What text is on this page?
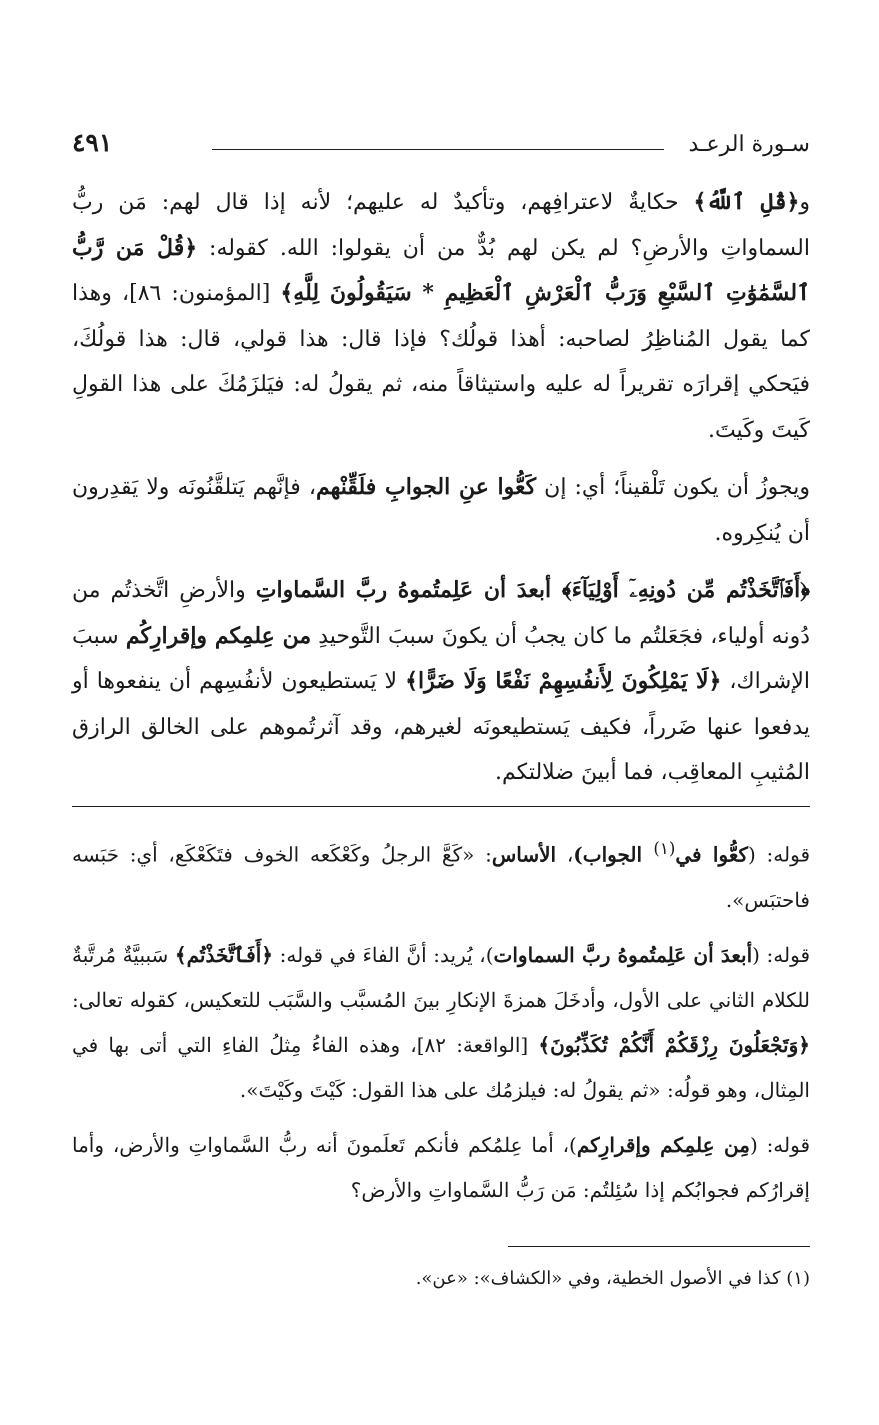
سـورة الرعـد
٤٩١

و﴿قُلِ ٱللَّهُ﴾ حكايةٌ لاعترافِهم، وتأكيدٌ له عليهم؛ لأنه إذا قال لهم: مَن ربُّ السماواتِ والأرضِ؟ لم يكن لهم بُدٌّ من أن يقولوا: الله. كقوله: ﴿قُلْ مَن رَّبُّ ٱلسَّمَٰوَٰتِ ٱلسَّبْعِ وَرَبُّ ٱلْعَرْشِ ٱلْعَظِيمِ * سَيَقُولُونَ لِلَّهِ﴾ [المؤمنون: ٨٦]، وهذا كما يقول المُناظِرُ لصاحبه: أهذا قولُك؟ فإذا قال: هذا قولي، قال: هذا قولُكَ، فيَحكي إقرارَه تقريراً له عليه واستيثاقاً منه، ثم يقولُ له: فيَلزَمُكَ على هذا القولِ كَيتَ وكَيتَ.

ويجوزُ أن يكون تَلْقيناً؛ أي: إن كَعُّوا عنِ الجوابِ فلَقِّنْهم، فإنَّهم يَتلقَّنُونَه ولا يَقدِرون أن يُنكِروه.

﴿أَفَٱتَّخَذْتُم مِّن دُونِهِۦٓ أَوْلِيَآءَ﴾ أبعدَ أن عَلِمتُموهُ ربَّ السَّماواتِ والأرضِ اتَّخذتُم من دُونه أولياء، فجَعَلتُم ما كان يجبُ أن يكونَ سببَ التَّوحيدِ من عِلمِكم وإقرارِكُم سببَ الإشراك، ﴿لَا يَمْلِكُونَ لِأَنفُسِهِمْ نَفْعًا وَلَا ضَرًّا﴾ لا يَستطيعون لأنفُسِهم أن ينفعوها أو يدفعوا عنها ضَرراً، فكيف يَستطيعونَه لغيرهم، وقد آثرتُموهم على الخالق الرازق المُثيبِ المعاقِب، فما أبينَ ضلالتكم.

قوله: (كعُّوا في$^{(١)}$ الجواب)، الأساس: «كَعَّ الرجلُ وكَعْكَعه الخوف فتَكَعْكَع، أي: حَبَسه فاحتبَس».

قوله: (أبعدَ أن عَلِمتُموهُ ربَّ السماوات)، يُريد: أنَّ الفاءَ في قوله: ﴿أَفَٱتَّخَذْتُم﴾ سَببيَّةٌ مُرتَّبةٌ للكلام الثاني على الأول، وأدخَلَ همزةَ الإنكارِ بينَ المُسبَّب والسَّبَب للتعكيس، كقوله تعالى: ﴿وَتَجْعَلُونَ رِزْقَكُمْ أَنَّكُمْ تُكَذِّبُونَ﴾ [الواقعة: ٨٢]، وهذه الفاءُ مِثلُ الفاءِ التي أتى بها في المِثال، وهو قولُه: «ثم يقولُ له: فيلزمُك على هذا القول: كَيْتَ وكَيْتَ».

قوله: (مِن عِلمِكم وإقرارِكم)، أما عِلمُكم فأنكم تَعلَمونَ أنه ربُّ السَّماواتِ والأرض، وأما إقرارُكم فجوابُكم إذا سُئِلتُم: مَن رَبُّ السَّماواتِ والأرض؟

(١) كذا في الأصول الخطية، وفي «الكشاف»: «عن».
